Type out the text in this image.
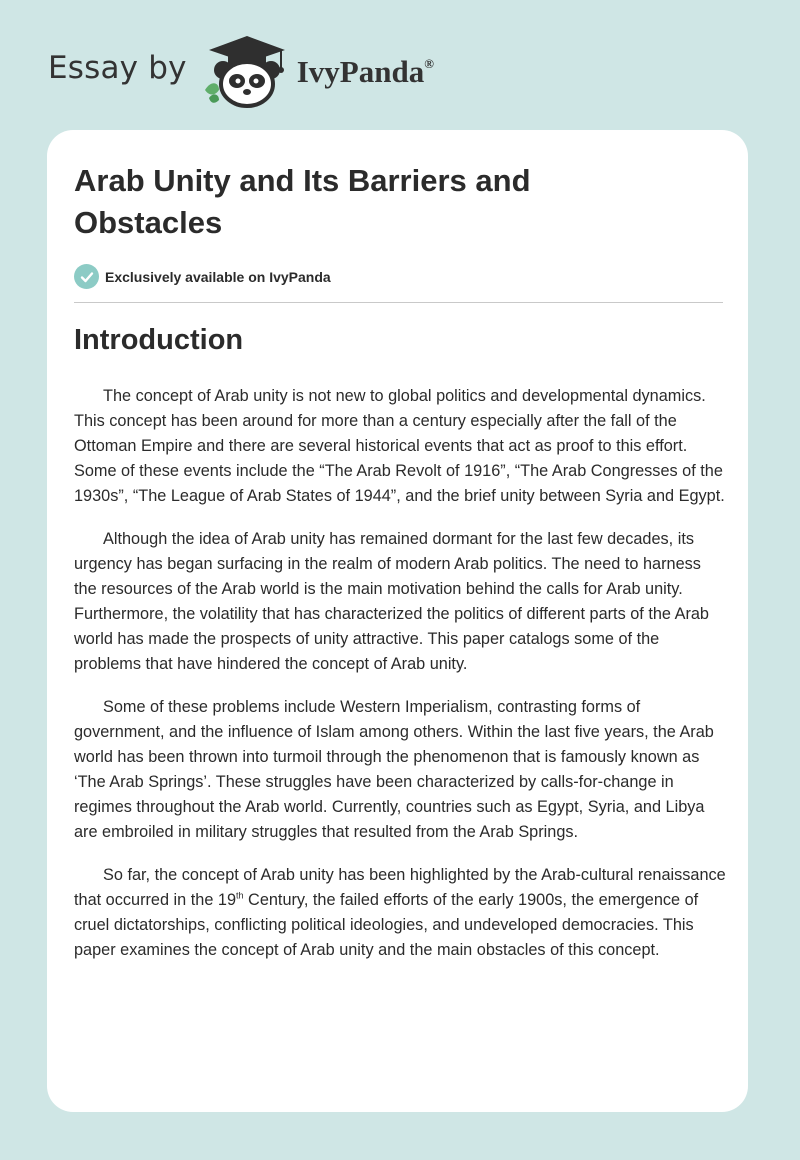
Essay by	IvyPanda®
Arab Unity and Its Barriers and Obstacles
Exclusively available on IvyPanda
Introduction

The concept of Arab unity is not new to global politics and developmental dynamics. This concept has been around for more than a century especially after the fall of the Ottoman Empire and there are several historical events that act as proof to this effort. Some of these events include the “The Arab Revolt of 1916”, “The Arab Congresses of the 1930s”, “The League of Arab States of 1944”, and the brief unity between Syria and Egypt.

Although the idea of Arab unity has remained dormant for the last few decades, its urgency has began surfacing in the realm of modern Arab politics. The need to harness the resources of the Arab world is the main motivation behind the calls for Arab unity. Furthermore, the volatility that has characterized the politics of different parts of the Arab world has made the prospects of unity attractive. This paper catalogs some of the problems that have hindered the concept of Arab unity.

Some of these problems include Western Imperialism, contrasting forms of government, and the influence of Islam among others. Within the last five years, the Arab world has been thrown into turmoil through the phenomenon that is famously known as ‘The Arab Springs’. These struggles have been characterized by calls-for-change in regimes throughout the Arab world. Currently, countries such as Egypt, Syria, and Libya are embroiled in military struggles that resulted from the Arab Springs.

So far, the concept of Arab unity has been highlighted by the Arab-cultural renaissance that occurred in the 19th Century, the failed efforts of the early 1900s, the emergence of cruel dictatorships, conflicting political ideologies, and undeveloped democracies. This paper examines the concept of Arab unity and the main obstacles of this concept.
